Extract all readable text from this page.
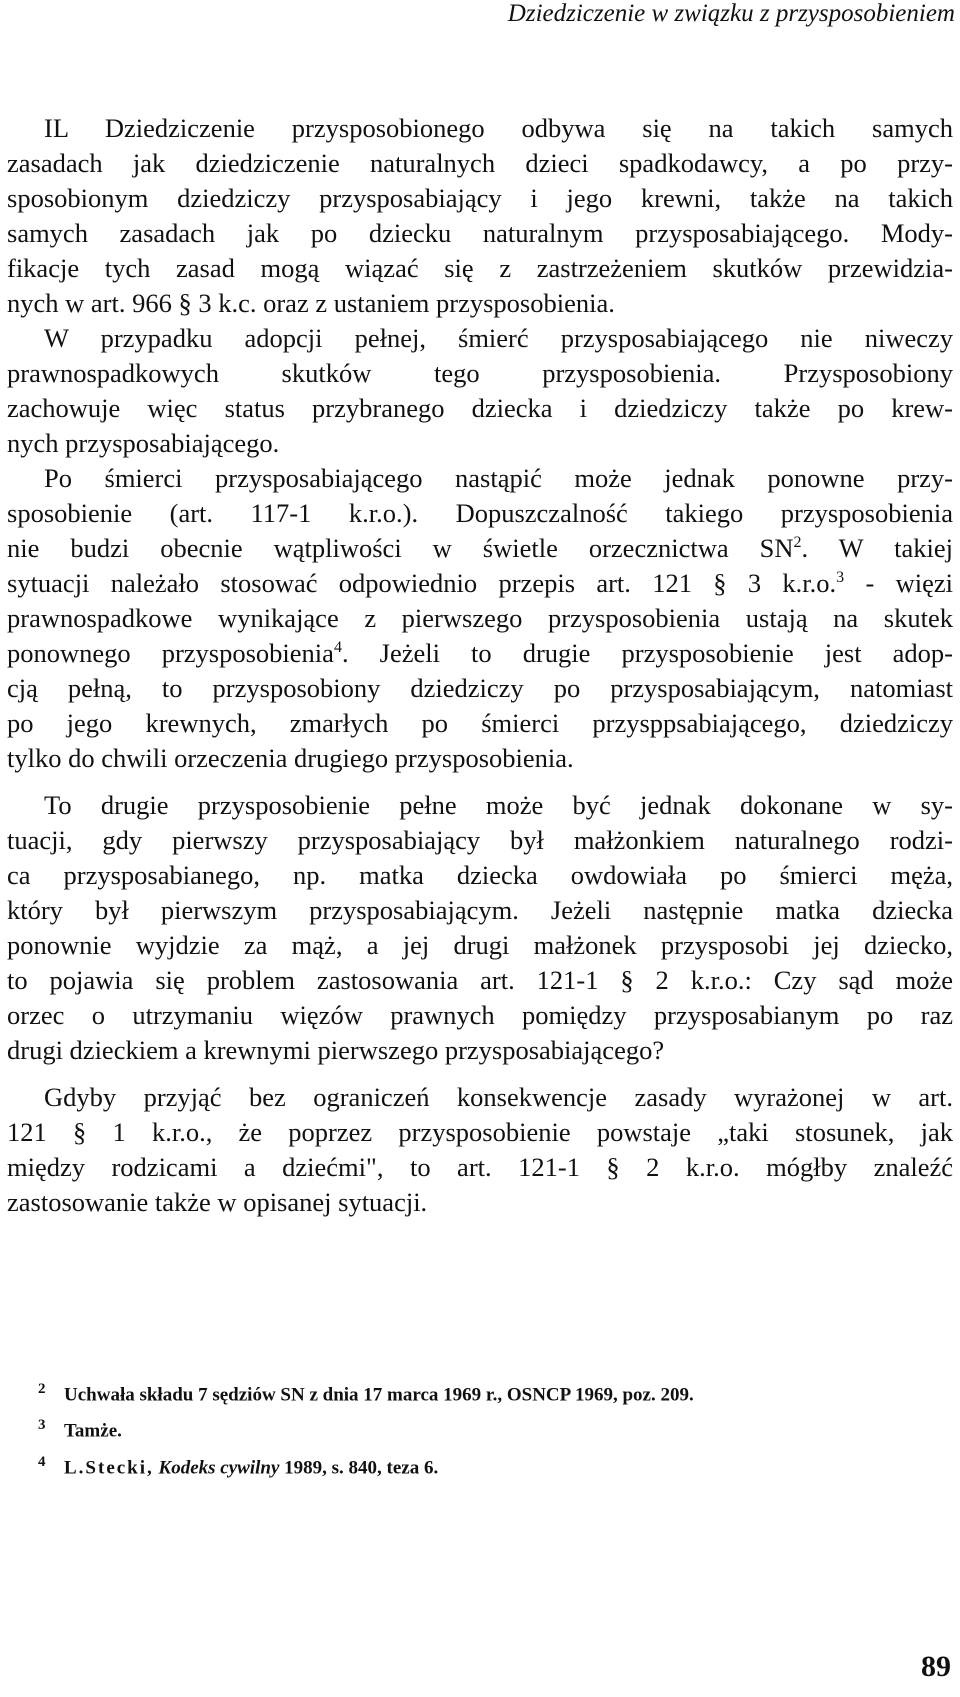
Dziedziczenie w związku z przysposobieniem
IL Dziedziczenie przysposobionego odbywa się na takich samych
zasadach jak dziedziczenie naturalnych dzieci spadkodawcy, a po przy-
sposobionym dziedziczy przysposabiający i jego krewni, także na takich
samych zasadach jak po dziecku naturalnym przysposabiającego. Mody-
fikacje tych zasad mogą wiązać się z zastrzeżeniem skutków przewidzia-
nych w art. 966 § 3 k.c. oraz z ustaniem przysposobienia.
W przypadku adopcji pełnej, śmierć przysposabiającego nie niweczy
prawnospadkowych skutków tego przysposobienia. Przysposobiony
zachowuje więc status przybranego dziecka i dziedziczy także po krew-
nych przysposabiającego.
Po śmierci przysposabiającego nastąpić może jednak ponowne przy-
sposobienie (art. 117-1 k.r.o.). Dopuszczalność takiego przysposobienia
nie budzi obecnie wątpliwości w świetle orzecznictwa $SN^2$. W takiej
sytuacji należało stosować odpowiednio przepis art. 121 § 3 k.r.o.$^3$ - więzi
prawnospadkowe wynikające z pierwszego przysposobienia ustają na skutek
ponownego przysposobienia$^4$. Jeżeli to drugie przysposobienie jest adop-
cją pełną, to przysposobiony dziedziczy po przysposabiającym, natomiast
po jego krewnych, zmarłych po śmierci przysppsabiającego, dziedziczy
tylko do chwili orzeczenia drugiego przysposobienia.
To drugie przysposobienie pełne może być jednak dokonane w sy-
tuacji, gdy pierwszy przysposabiający był małżonkiem naturalnego rodzi-
ca przysposabianego, np. matka dziecka owdowiała po śmierci męża,
który był pierwszym przysposabiającym. Jeżeli następnie matka dziecka
ponownie wyjdzie za mąż, a jej drugi małżonek przysposobi jej dziecko,
to pojawia się problem zastosowania art. 121-1 § 2 k.r.o.: Czy sąd może
orzec o utrzymaniu więzów prawnych pomiędzy przysposabianym po raz
drugi dzieckiem a krewnymi pierwszego przysposabiającego?
Gdyby przyjąć bez ograniczeń konsekwencje zasady wyrażonej w art.
121 § 1 k.r.o., że poprzez przysposobienie powstaje „taki stosunek, jak
między rodzicami a dziećmi", to art. 121-1 § 2 k.r.o. mógłby znaleźć
zastosowanie także w opisanej sytuacji.
2 Uchwała składu 7 sędziów SN z dnia 17 marca 1969 r., OSNCP 1969, poz. 209.
3 Tamże.
4 L.Stecki, Kodeks cywilny 1989, s. 840, teza 6.
89
